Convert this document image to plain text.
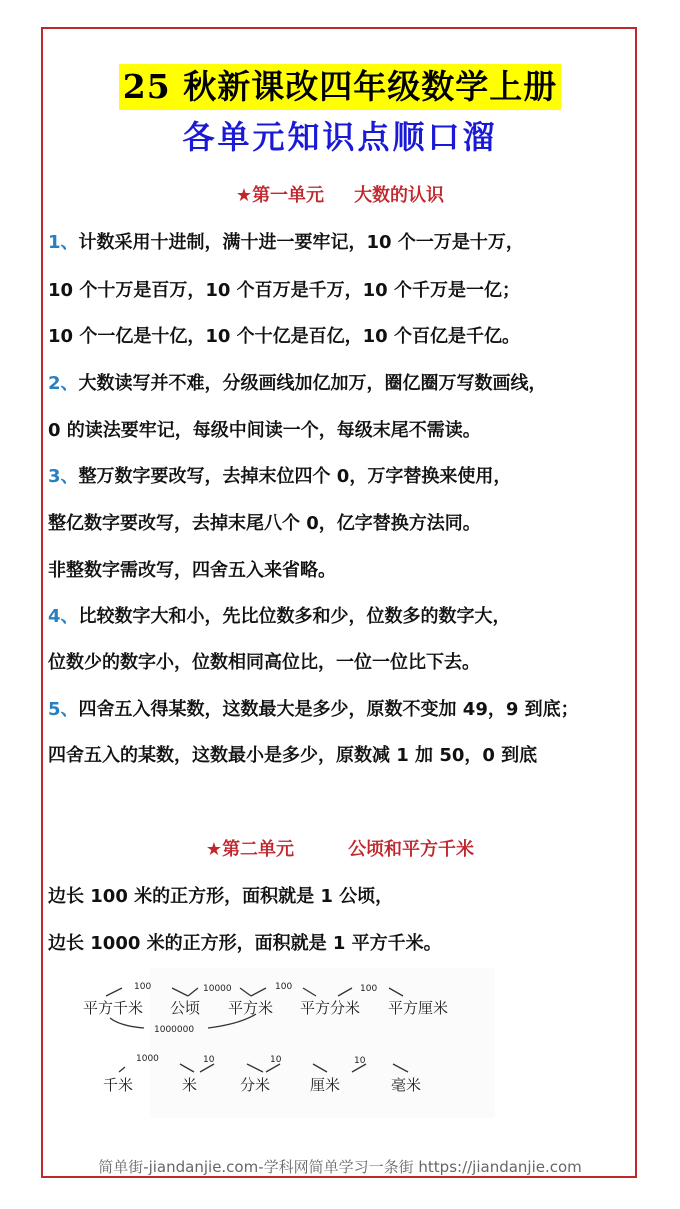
25 秋新课改四年级数学上册
各单元知识点顺口溜
★第一单元 大数的认识
1、计数采用十进制，满十进一要牢记，10 个一万是十万，
10 个十万是百万，10 个百万是千万，10 个千万是一亿；
10 个一亿是十亿，10 个十亿是百亿，10 个百亿是千亿。
2、大数读写并不难，分级画线加亿加万，圈亿圈万写数画线，
0 的读法要牢记，每级中间读一个，每级末尾不需读。
3、整万数字要改写，去掉末位四个 0，万字替换来使用，
整亿数字要改写，去掉末尾八个 0，亿字替换方法同。
非整数字需改写，四舍五入来省略。
4、比较数字大和小，先比位数多和少，位数多的数字大，
位数少的数字小，位数相同高位比，一位一位比下去。
5、四舍五入得某数，这数最大是多少，原数不变加 49，9 到底；
四舍五入的某数，这数最小是多少，原数减 1 加 50，0 到底
★第二单元	公顷和平方千米
边长 100 米的正方形，面积就是 1 公顷，
边长 1000 米的正方形，面积就是 1 平方千米。
平方千米 公顷 平方米 平方分米 平方厘米
100	10000	100	100
1000000
千米	米	分米	厘米	毫米
1000	10	10	10
简单街-jiandanjie.com-学科网简单学习一条街 https://jiandanjie.com
